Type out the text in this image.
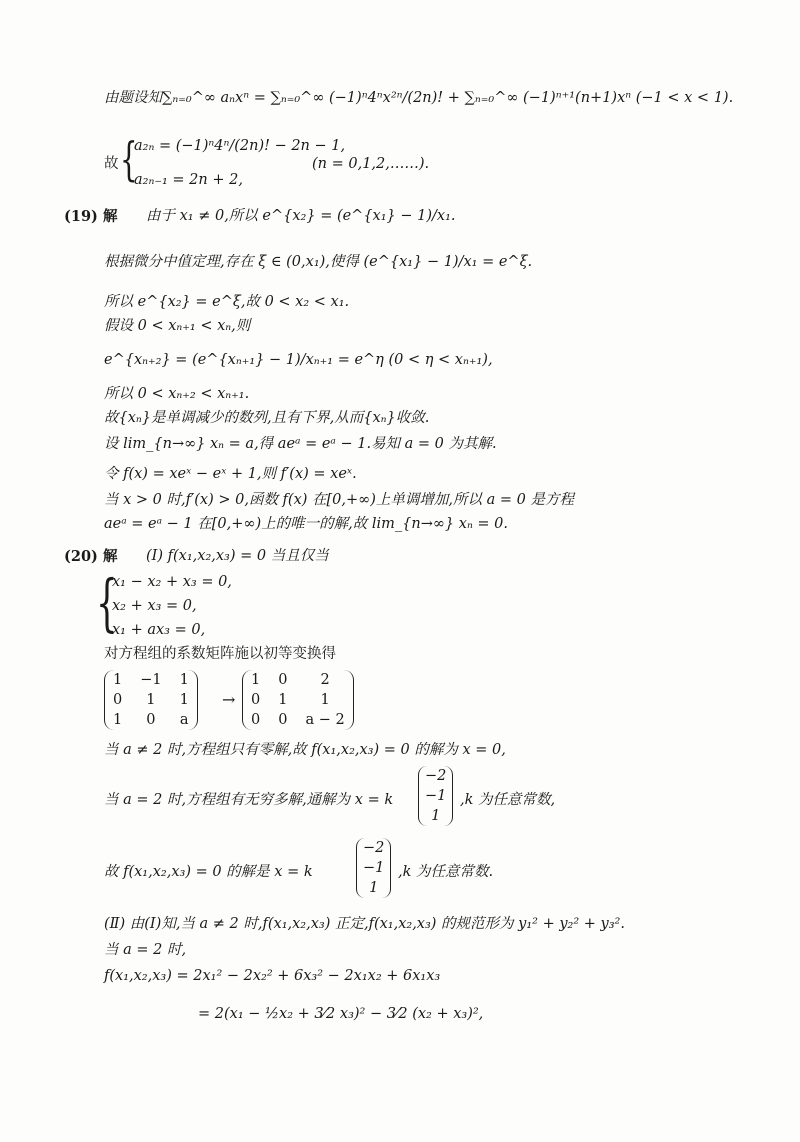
由题设知∑ₙ₌₀^∞ aₙxⁿ = ∑ₙ₌₀^∞ (−1)ⁿ4ⁿx²ⁿ/(2n)! + ∑ₙ₌₀^∞ (−1)ⁿ⁺¹(n+1)xⁿ (−1 < x < 1).
故 {
a₂ₙ = (−1)ⁿ4ⁿ/(2n)! − 2n − 1,
a₂ₙ₋₁ = 2n + 2,
(n = 0,1,2,……).
(19) 解 由于 x₁ ≠ 0,所以 e^{x₂} = (e^{x₁} − 1)/x₁.
根据微分中值定理,存在 ξ ∈ (0,x₁),使得 (e^{x₁} − 1)/x₁ = e^ξ.
所以 e^{x₂} = e^ξ,故 0 < x₂ < x₁.
假设 0 < xₙ₊₁ < xₙ,则
e^{xₙ₊₂} = (e^{xₙ₊₁} − 1)/xₙ₊₁ = e^η (0 < η < xₙ₊₁),
所以 0 < xₙ₊₂ < xₙ₊₁.
故{xₙ}是单调减少的数列,且有下界,从而{xₙ}收敛.
设 lim_{n→∞} xₙ = a,得 aeᵃ = eᵃ − 1.易知 a = 0 为其解.
令 f(x) = xeˣ − eˣ + 1,则 f′(x) = xeˣ.
当 x > 0 时,f′(x) > 0,函数 f(x) 在[0,+∞)上单调增加,所以 a = 0 是方程
aeᵃ = eᵃ − 1 在[0,+∞)上的唯一的解,故 lim_{n→∞} xₙ = 0.
(20) 解 (Ⅰ) f(x₁,x₂,x₃) = 0 当且仅当
{
x₁ − x₂ + x₃ = 0,
x₂ + x₃ = 0,
x₁ + ax₃ = 0,
对方程组的系数矩阵施以初等变换得
1 −1 1
0	1	1
1	0	a
→
1 0	2
0 1	1
0 0 a − 2
当 a ≠ 2 时,方程组只有零解,故 f(x₁,x₂,x₃) = 0 的解为 x = 0,
当 a = 2 时,方程组有无穷多解,通解为 x = k
−2
−1
1
,k 为任意常数,
故 f(x₁,x₂,x₃) = 0 的解是 x = k
−2
−1
1
,k 为任意常数.
(Ⅱ) 由(Ⅰ)知,当 a ≠ 2 时,f(x₁,x₂,x₃) 正定,f(x₁,x₂,x₃) 的规范形为 y₁² + y₂² + y₃².
当 a = 2 时,
f(x₁,x₂,x₃) = 2x₁² − 2x₂² + 6x₃² − 2x₁x₂ + 6x₁x₃
= 2(x₁ − ½x₂ + 3⁄2 x₃)² − 3⁄2 (x₂ + x₃)²,
